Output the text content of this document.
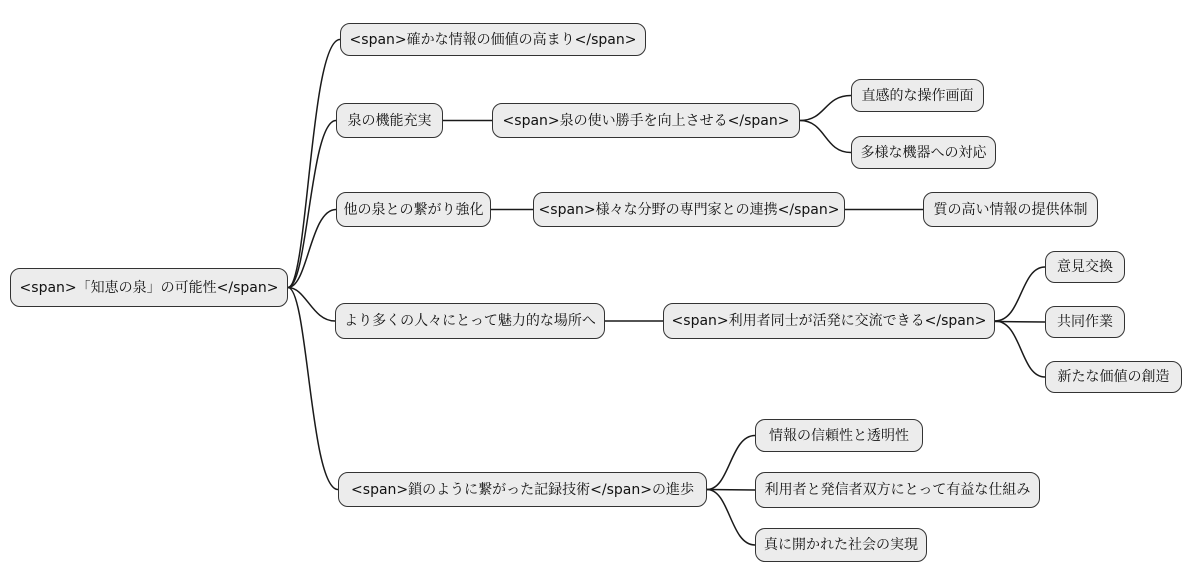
<span>「知恵の泉」の可能性</span>
<span>確かな情報の価値の高まり</span>
泉の機能充実	<span>泉の使い勝手を向上させる</span>
直感的な操作画面
多様な機器への対応
他の泉との繋がり強化	<span>様々な分野の専門家との連携</span>	質の高い情報の提供体制
より多くの人々にとって魅力的な場所へ	<span>利用者同士が活発に交流できる</span>
意見交換
共同作業
新たな価値の創造
<span>鎖のように繋がった記録技術</span>の進歩
情報の信頼性と透明性
利用者と発信者双方にとって有益な仕組み
真に開かれた社会の実現
